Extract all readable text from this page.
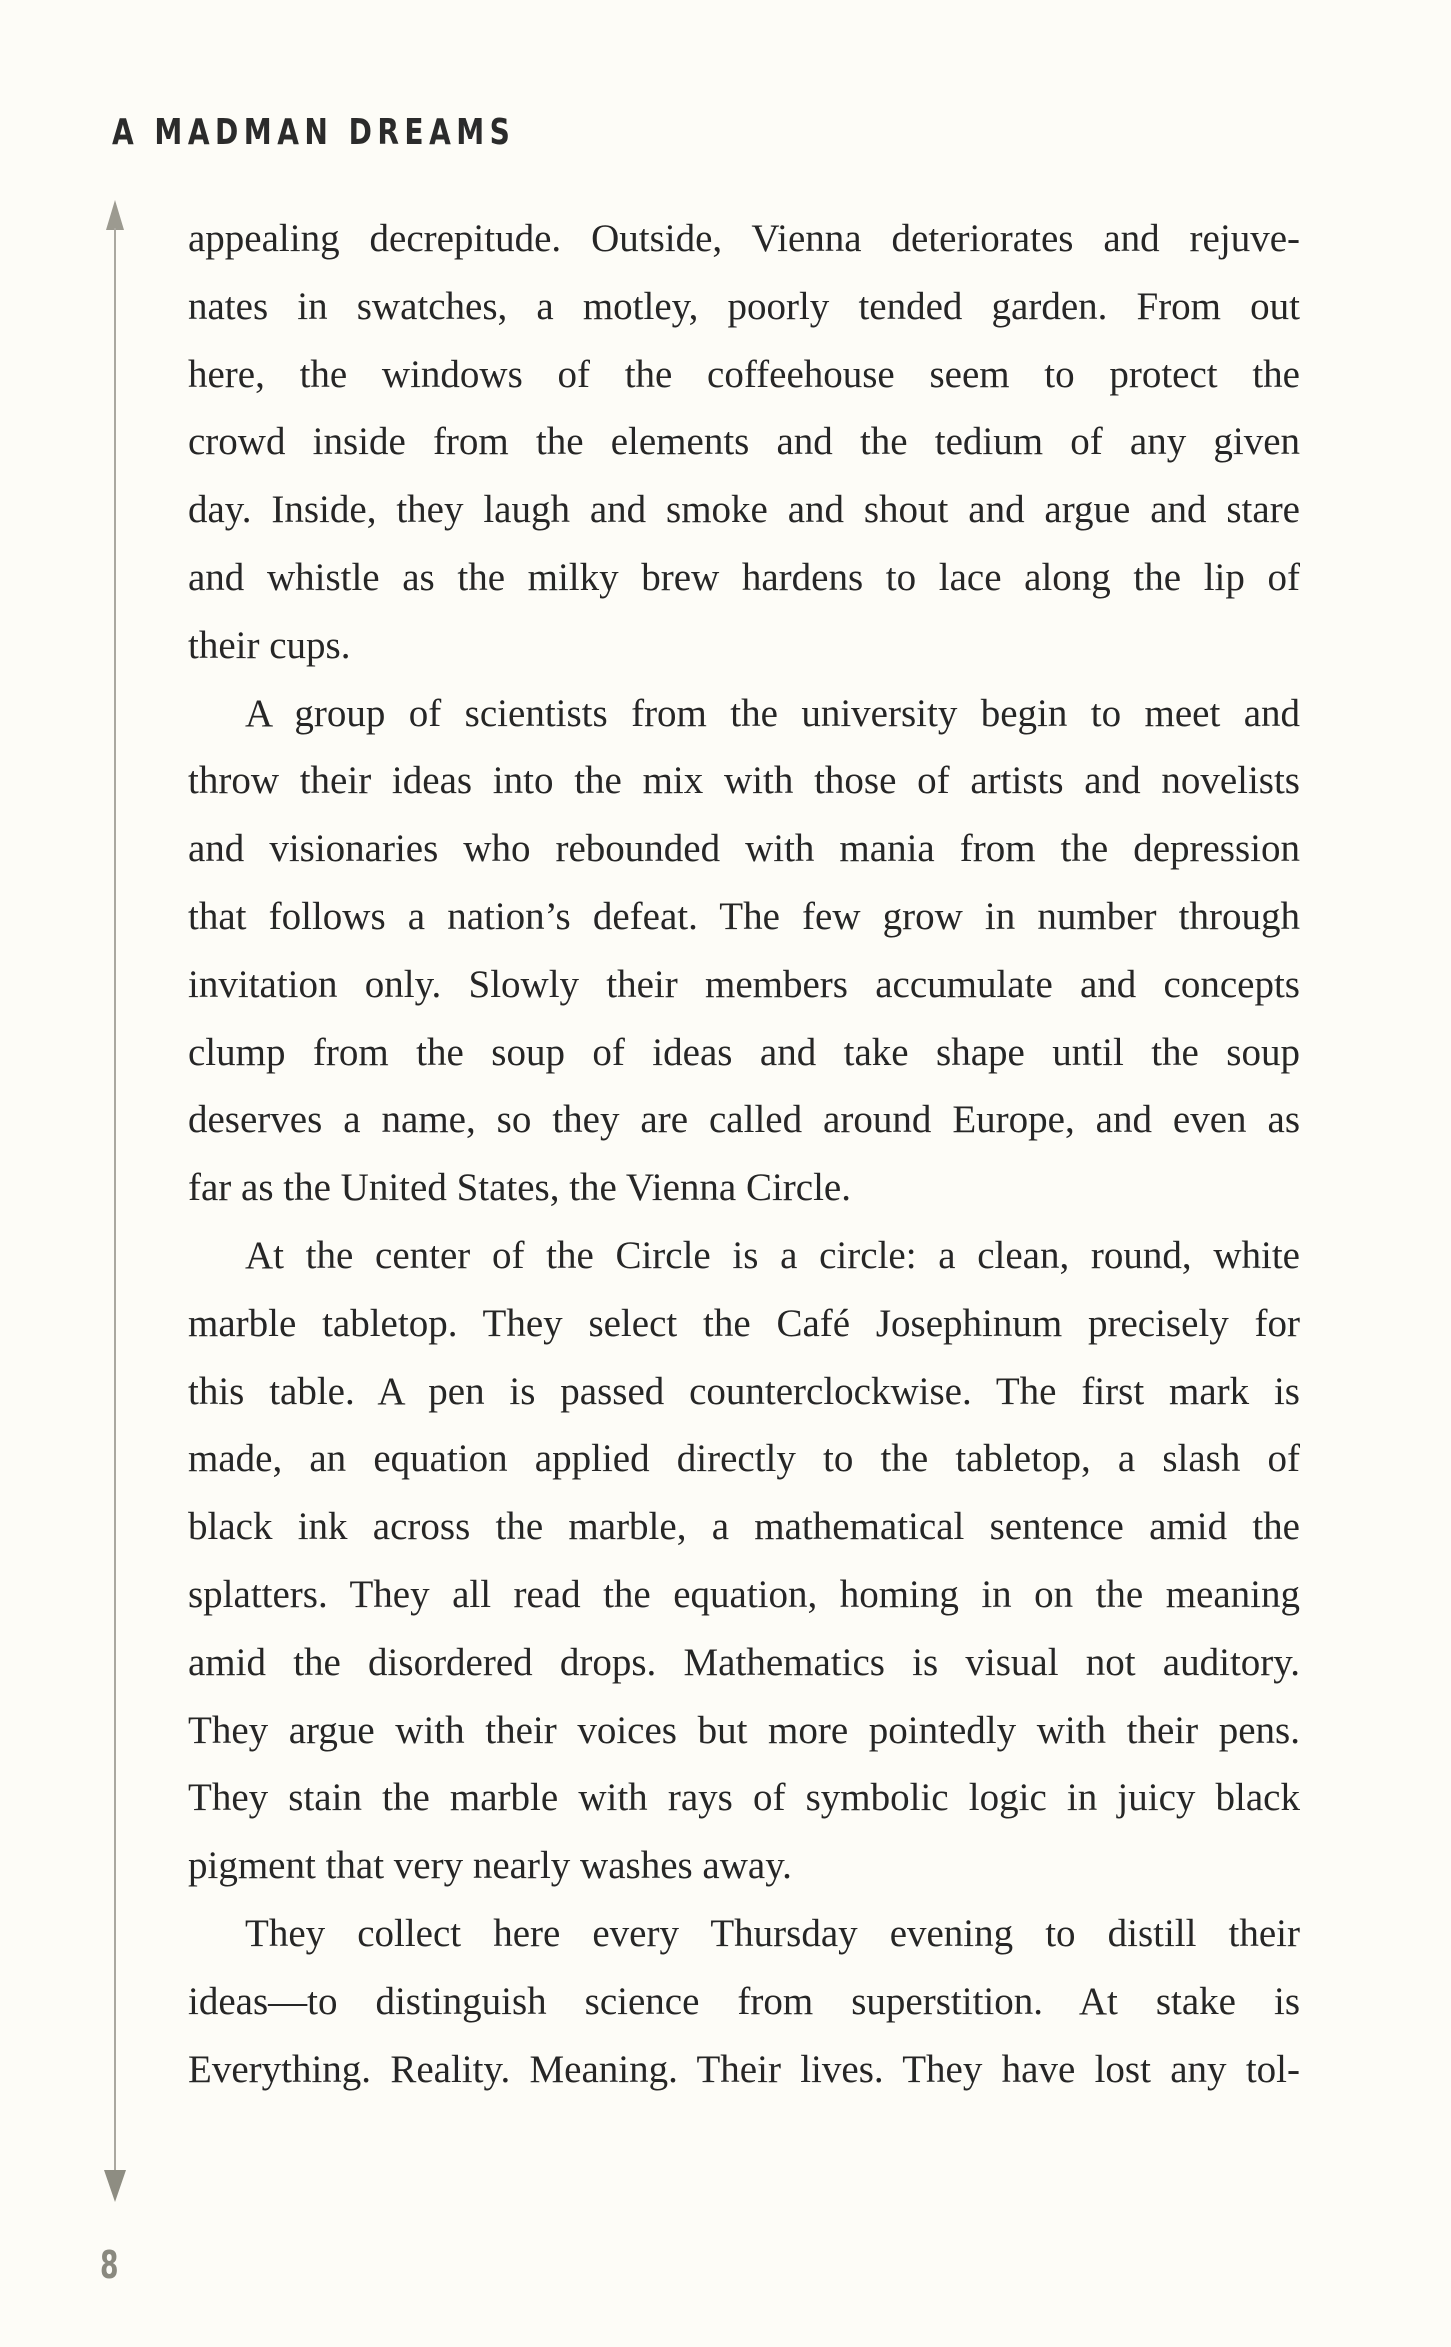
A MADMAN DREAMS
appealing decrepitude. Outside, Vienna deteriorates and rejuve-
nates in swatches, a motley, poorly tended garden. From out
here, the windows of the coffeehouse seem to protect the
crowd inside from the elements and the tedium of any given
day. Inside, they laugh and smoke and shout and argue and stare
and whistle as the milky brew hardens to lace along the lip of
their cups.
A group of scientists from the university begin to meet and
throw their ideas into the mix with those of artists and novelists
and visionaries who rebounded with mania from the depression
that follows a nation’s defeat. The few grow in number through
invitation only. Slowly their members accumulate and concepts
clump from the soup of ideas and take shape until the soup
deserves a name, so they are called around Europe, and even as
far as the United States, the Vienna Circle.
At the center of the Circle is a circle: a clean, round, white
marble tabletop. They select the Café Josephinum precisely for
this table. A pen is passed counterclockwise. The first mark is
made, an equation applied directly to the tabletop, a slash of
black ink across the marble, a mathematical sentence amid the
splatters. They all read the equation, homing in on the meaning
amid the disordered drops. Mathematics is visual not auditory.
They argue with their voices but more pointedly with their pens.
They stain the marble with rays of symbolic logic in juicy black
pigment that very nearly washes away.
They collect here every Thursday evening to distill their
ideas—to distinguish science from superstition. At stake is
Everything. Reality. Meaning. Their lives. They have lost any tol-
8
